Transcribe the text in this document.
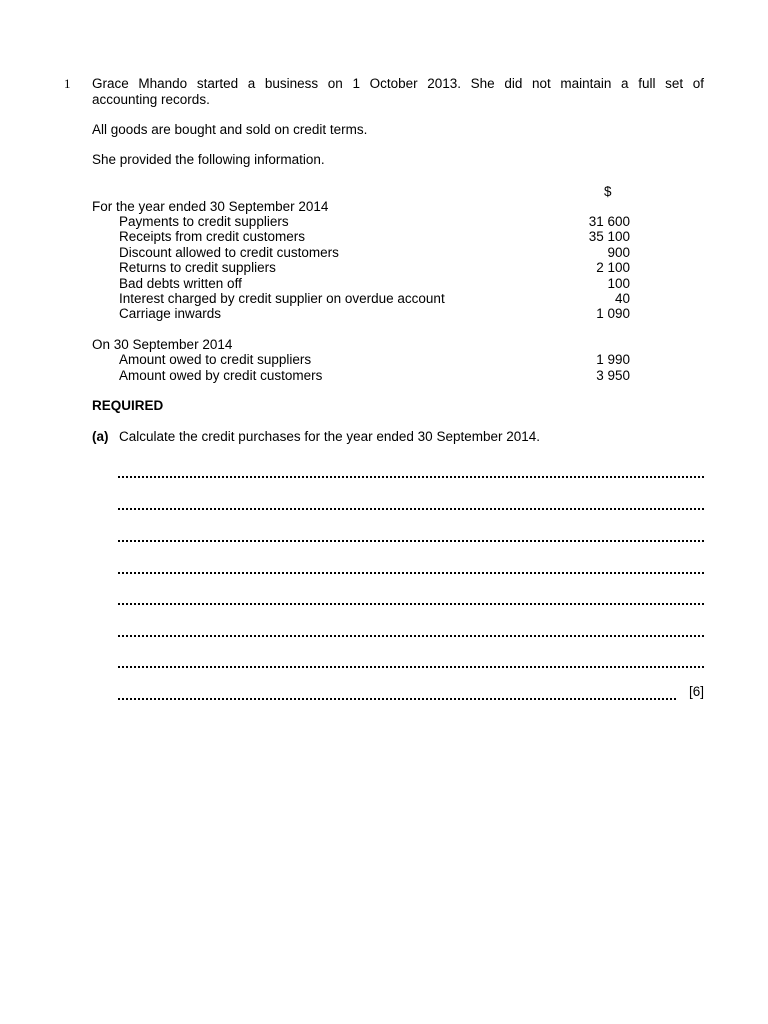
1 Grace Mhando started a business on 1 October 2013. She did not maintain a full set of
accounting records.
All goods are bought and sold on credit terms.
She provided the following information.
$
For the year ended 30 September 2014
Payments to credit suppliers	31 600
Receipts from credit customers	35 100
Discount allowed to credit customers	900
Returns to credit suppliers	2 100
Bad debts written off	100
Interest charged by credit supplier on overdue account	40
Carriage inwards	1 090
On 30 September 2014
Amount owed to credit suppliers	1 990
Amount owed by credit customers	3 950
REQUIRED
(a) Calculate the credit purchases for the year ended 30 September 2014.
[6]
